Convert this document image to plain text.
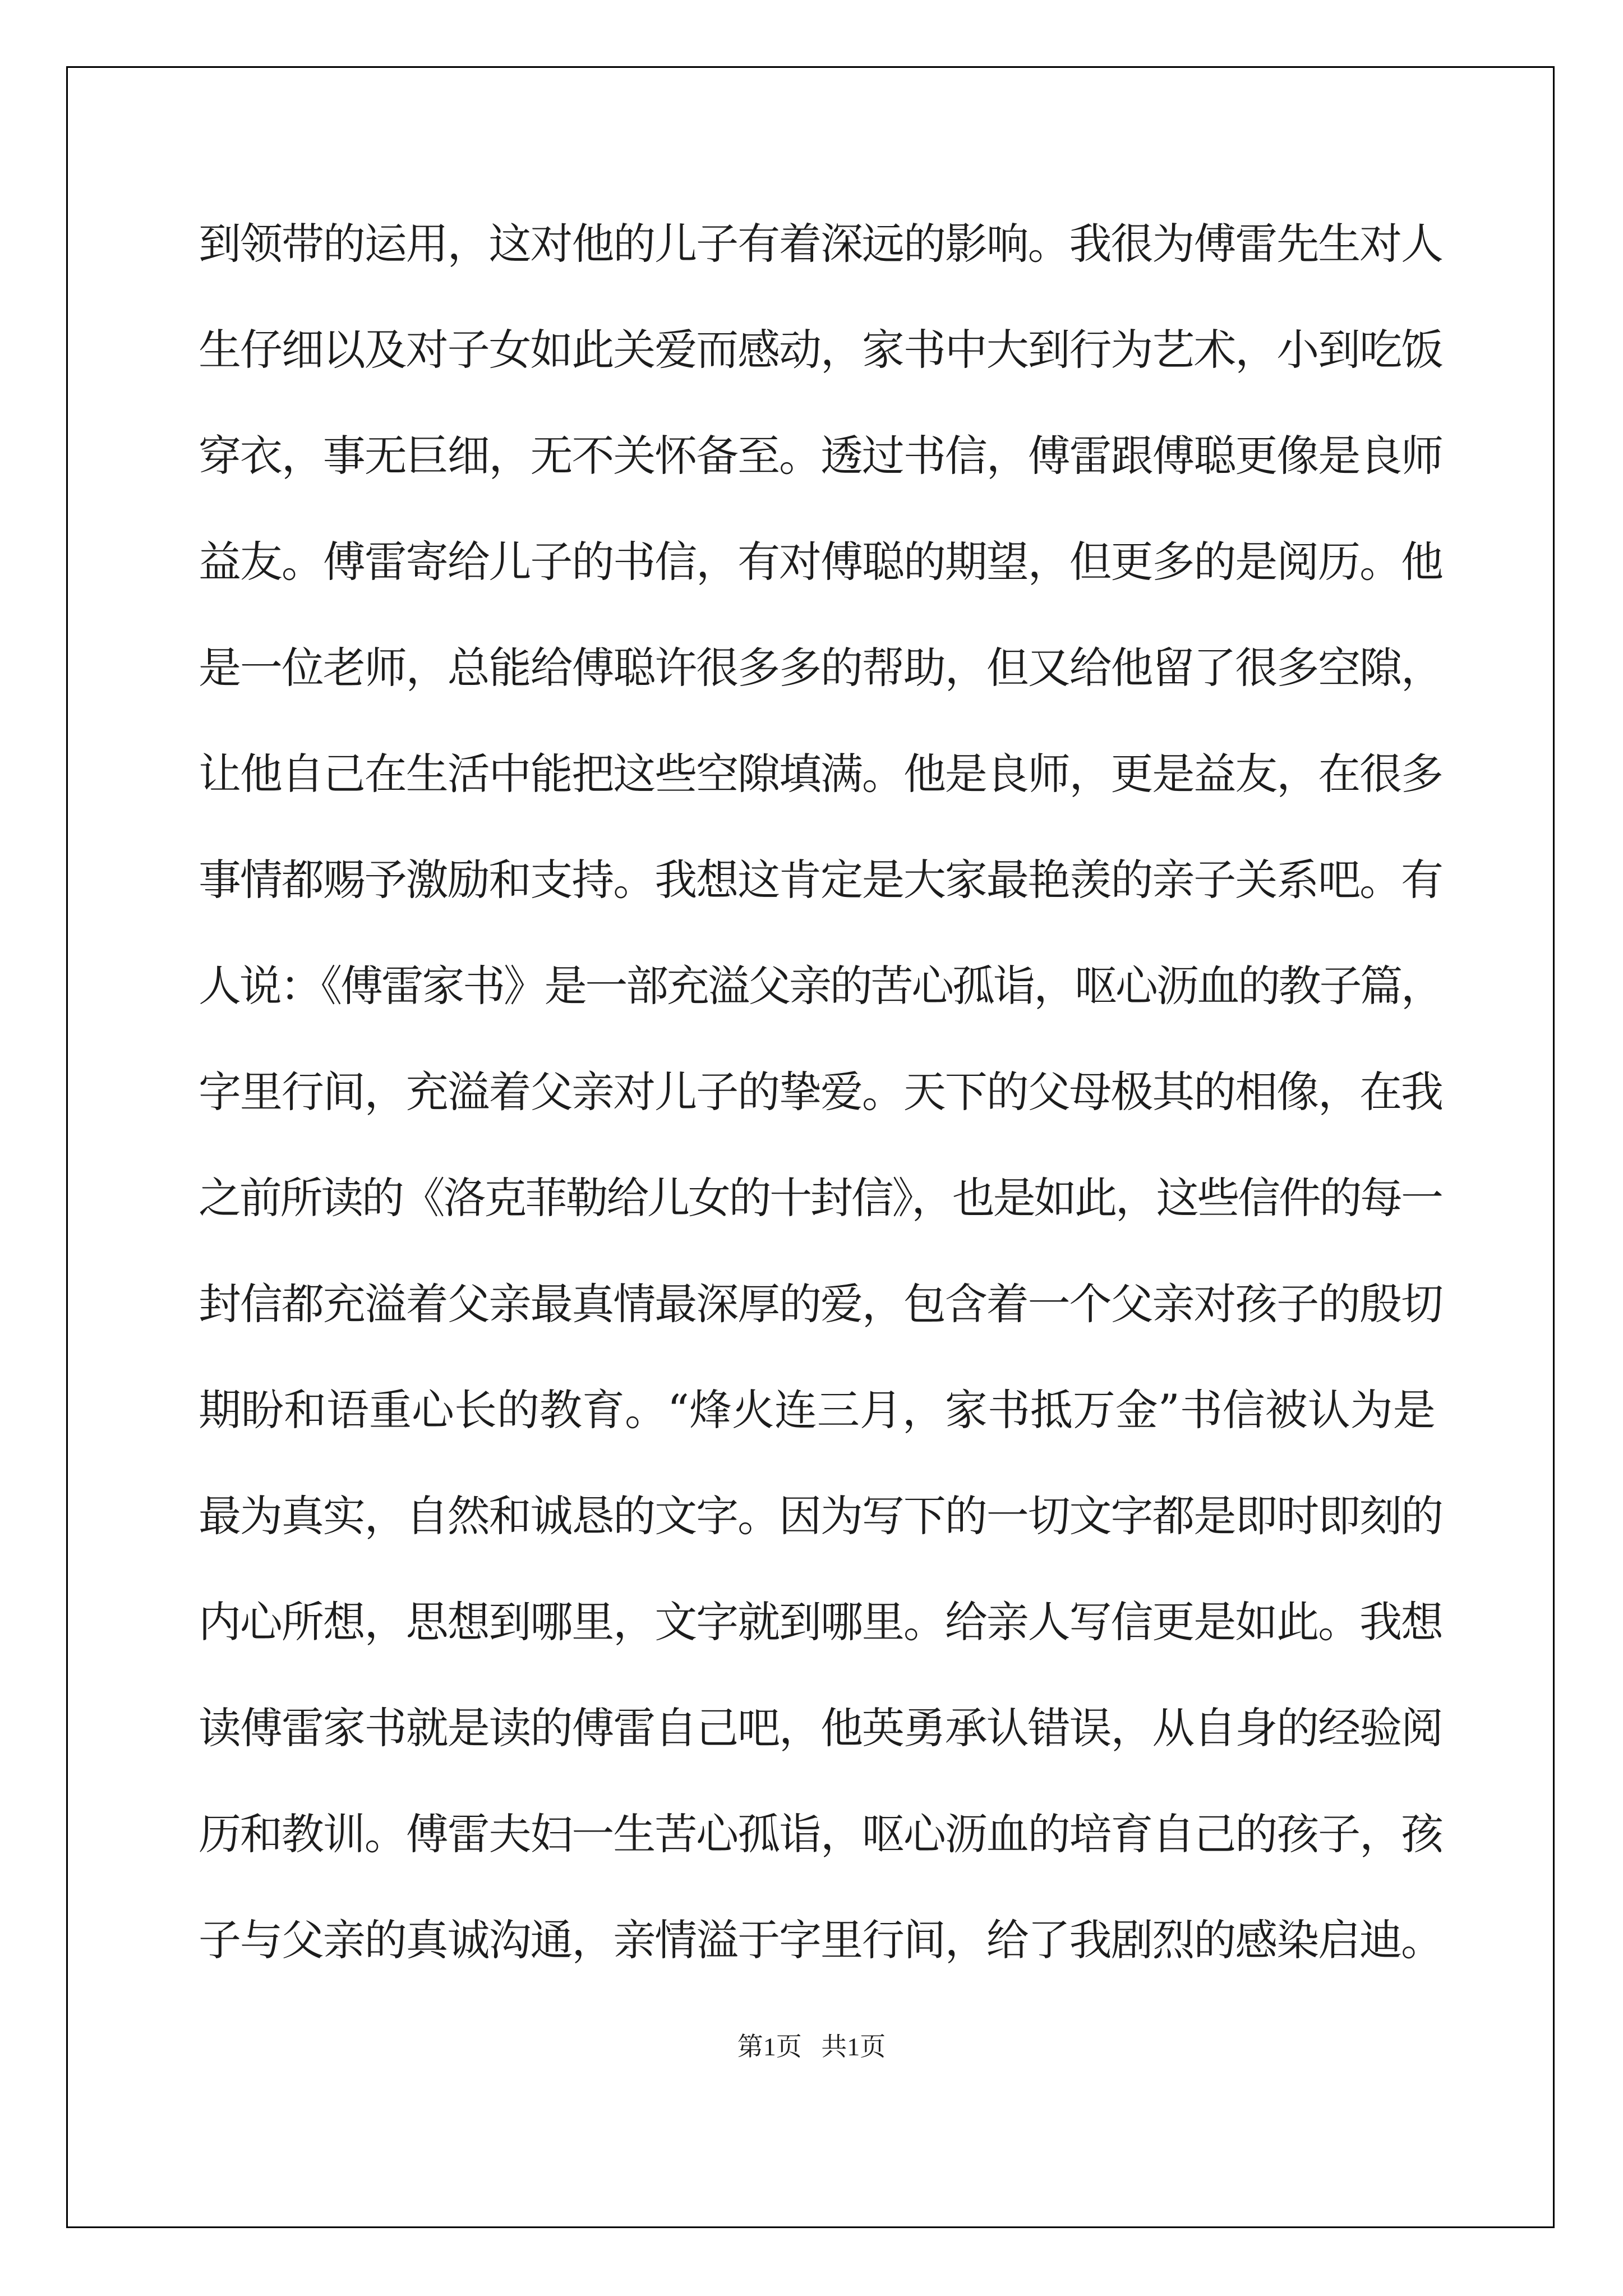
到领带的运用，这对他的儿子有着深远的影响。我很为傅雷先生对人
生仔细以及对子女如此关爱而感动，家书中大到行为艺术，小到吃饭
穿衣，事无巨细，无不关怀备至。透过书信，傅雷跟傅聪更像是良师
益友。傅雷寄给儿子的书信，有对傅聪的期望，但更多的是阅历。他
是一位老师，总能给傅聪许很多多的帮助，但又给他留了很多空隙，
让他自己在生活中能把这些空隙填满。他是良师，更是益友，在很多
事情都赐予激励和支持。我想这肯定是大家最艳羡的亲子关系吧。有
人说：《傅雷家书》是一部充溢父亲的苦心孤诣，呕心沥血的教子篇，
字里行间，充溢着父亲对儿子的挚爱。天下的父母极其的相像，在我
之前所读的《洛克菲勒给儿女的十封信》，也是如此，这些信件的每一
封信都充溢着父亲最真情最深厚的爱，包含着一个父亲对孩子的殷切
期盼和语重心长的教育。“烽火连三月，家书抵万金”书信被认为是
最为真实，自然和诚恳的文字。因为写下的一切文字都是即时即刻的
内心所想，思想到哪里，文字就到哪里。给亲人写信更是如此。我想
读傅雷家书就是读的傅雷自己吧，他英勇承认错误，从自身的经验阅
历和教训。傅雷夫妇一生苦心孤诣，呕心沥血的培育自己的孩子，孩
子与父亲的真诚沟通，亲情溢于字里行间，给了我剧烈的感染启迪。
第1页   共1页
